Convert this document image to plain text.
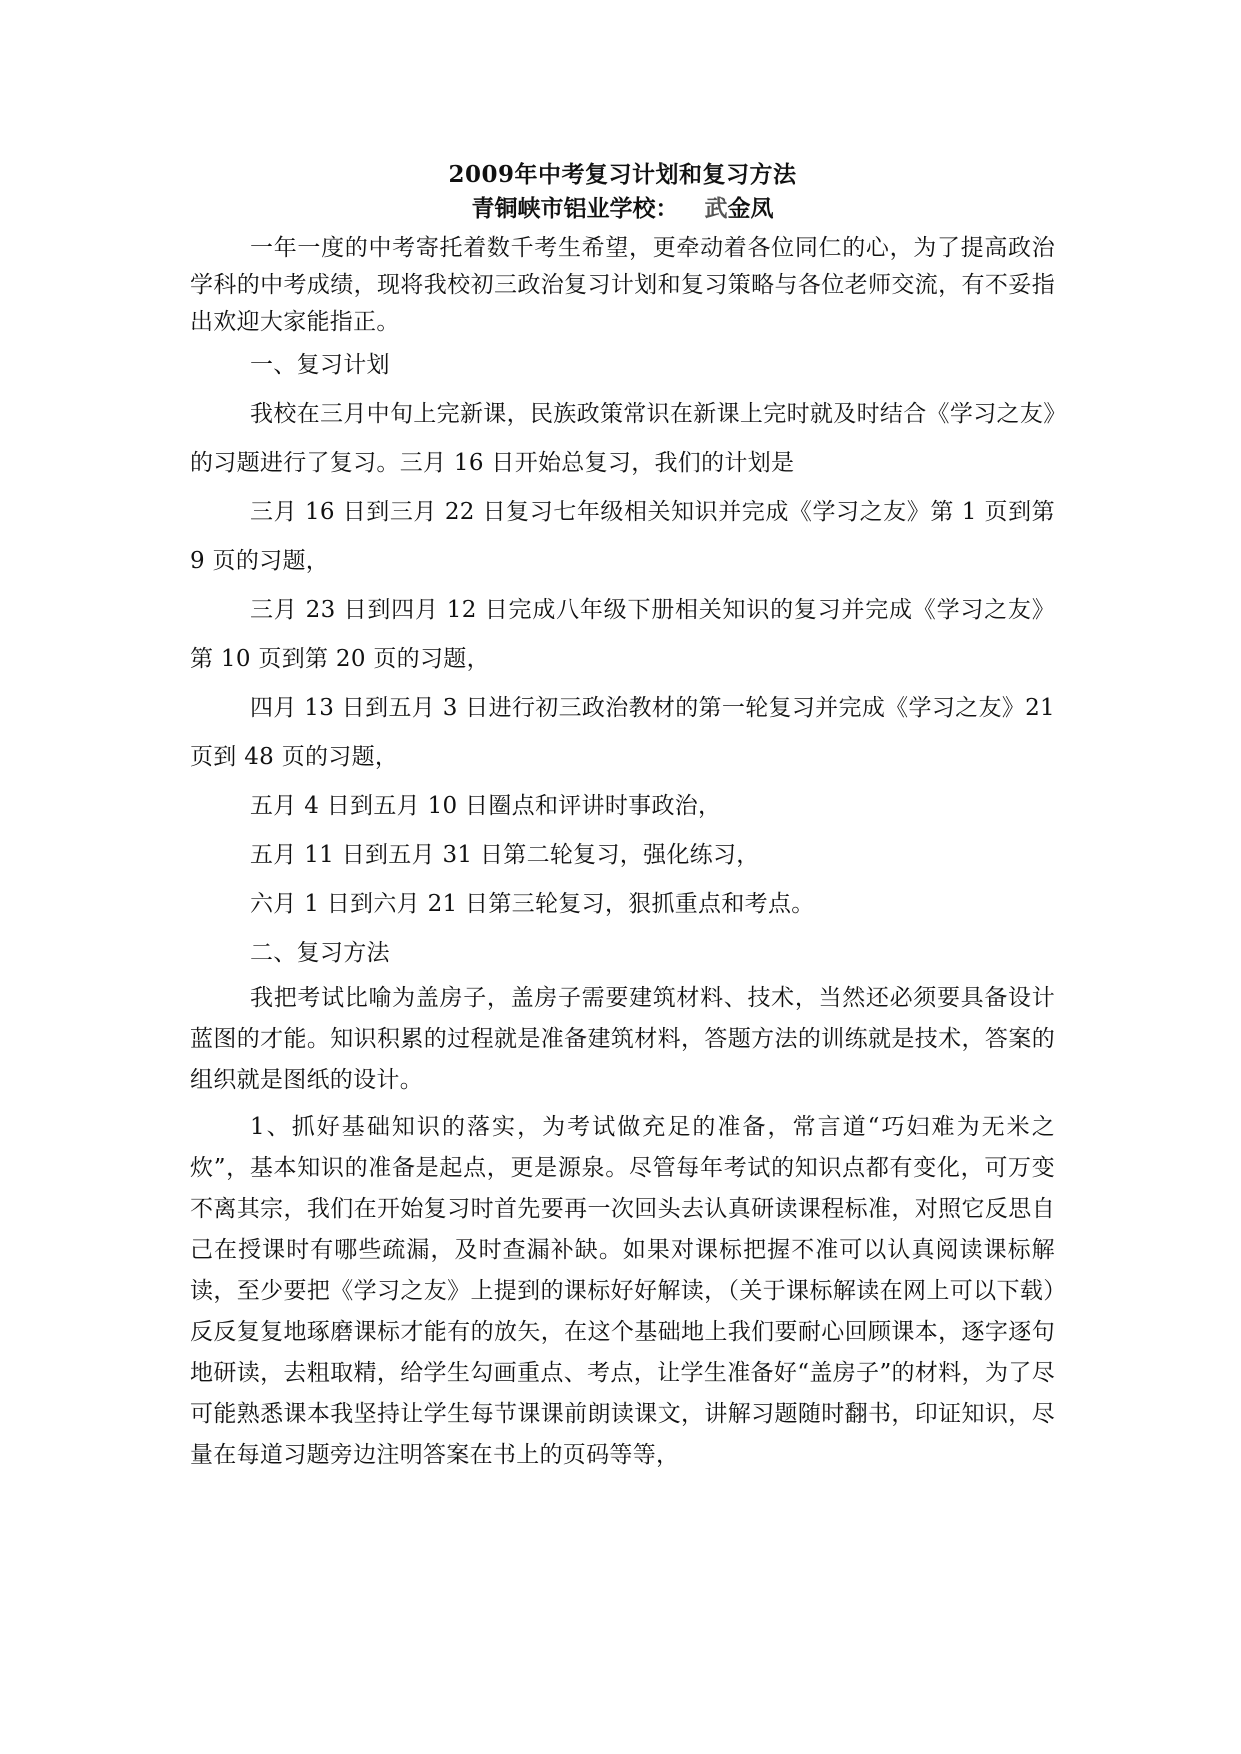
2009年中考复习计划和复习方法
青铜峡市铝业学校： 武金凤

一年一度的中考寄托着数千考生希望，更牵动着各位同仁的心，为了提高政治学科的中考成绩，现将我校初三政治复习计划和复习策略与各位老师交流，有不妥指出欢迎大家能指正。

一、复习计划

我校在三月中旬上完新课，民族政策常识在新课上完时就及时结合《学习之友》的习题进行了复习。三月 16 日开始总复习，我们的计划是

三月 16 日到三月 22 日复习七年级相关知识并完成《学习之友》第 1 页到第 9 页的习题，

三月 23 日到四月 12 日完成八年级下册相关知识的复习并完成《学习之友》第 10 页到第 20 页的习题，

四月 13 日到五月 3 日进行初三政治教材的第一轮复习并完成《学习之友》21 页到 48 页的习题，

五月 4 日到五月 10 日圈点和评讲时事政治，

五月 11 日到五月 31 日第二轮复习，强化练习，

六月 1 日到六月 21 日第三轮复习，狠抓重点和考点。

二、复习方法

我把考试比喻为盖房子，盖房子需要建筑材料、技术，当然还必须要具备设计蓝图的才能。知识积累的过程就是准备建筑材料，答题方法的训练就是技术，答案的组织就是图纸的设计。

1、抓好基础知识的落实，为考试做充足的准备，常言道“巧妇难为无米之炊”，基本知识的准备是起点，更是源泉。尽管每年考试的知识点都有变化，可万变不离其宗，我们在开始复习时首先要再一次回头去认真研读课程标准，对照它反思自己在授课时有哪些疏漏，及时查漏补缺。如果对课标把握不准可以认真阅读课标解读，至少要把《学习之友》上提到的课标好好解读，（关于课标解读在网上可以下载）反反复复地琢磨课标才能有的放矢，在这个基础地上我们要耐心回顾课本，逐字逐句地研读，去粗取精，给学生勾画重点、考点，让学生准备好“盖房子”的材料，为了尽可能熟悉课本我坚持让学生每节课课前朗读课文，讲解习题随时翻书，印证知识，尽量在每道习题旁边注明答案在书上的页码等等，
